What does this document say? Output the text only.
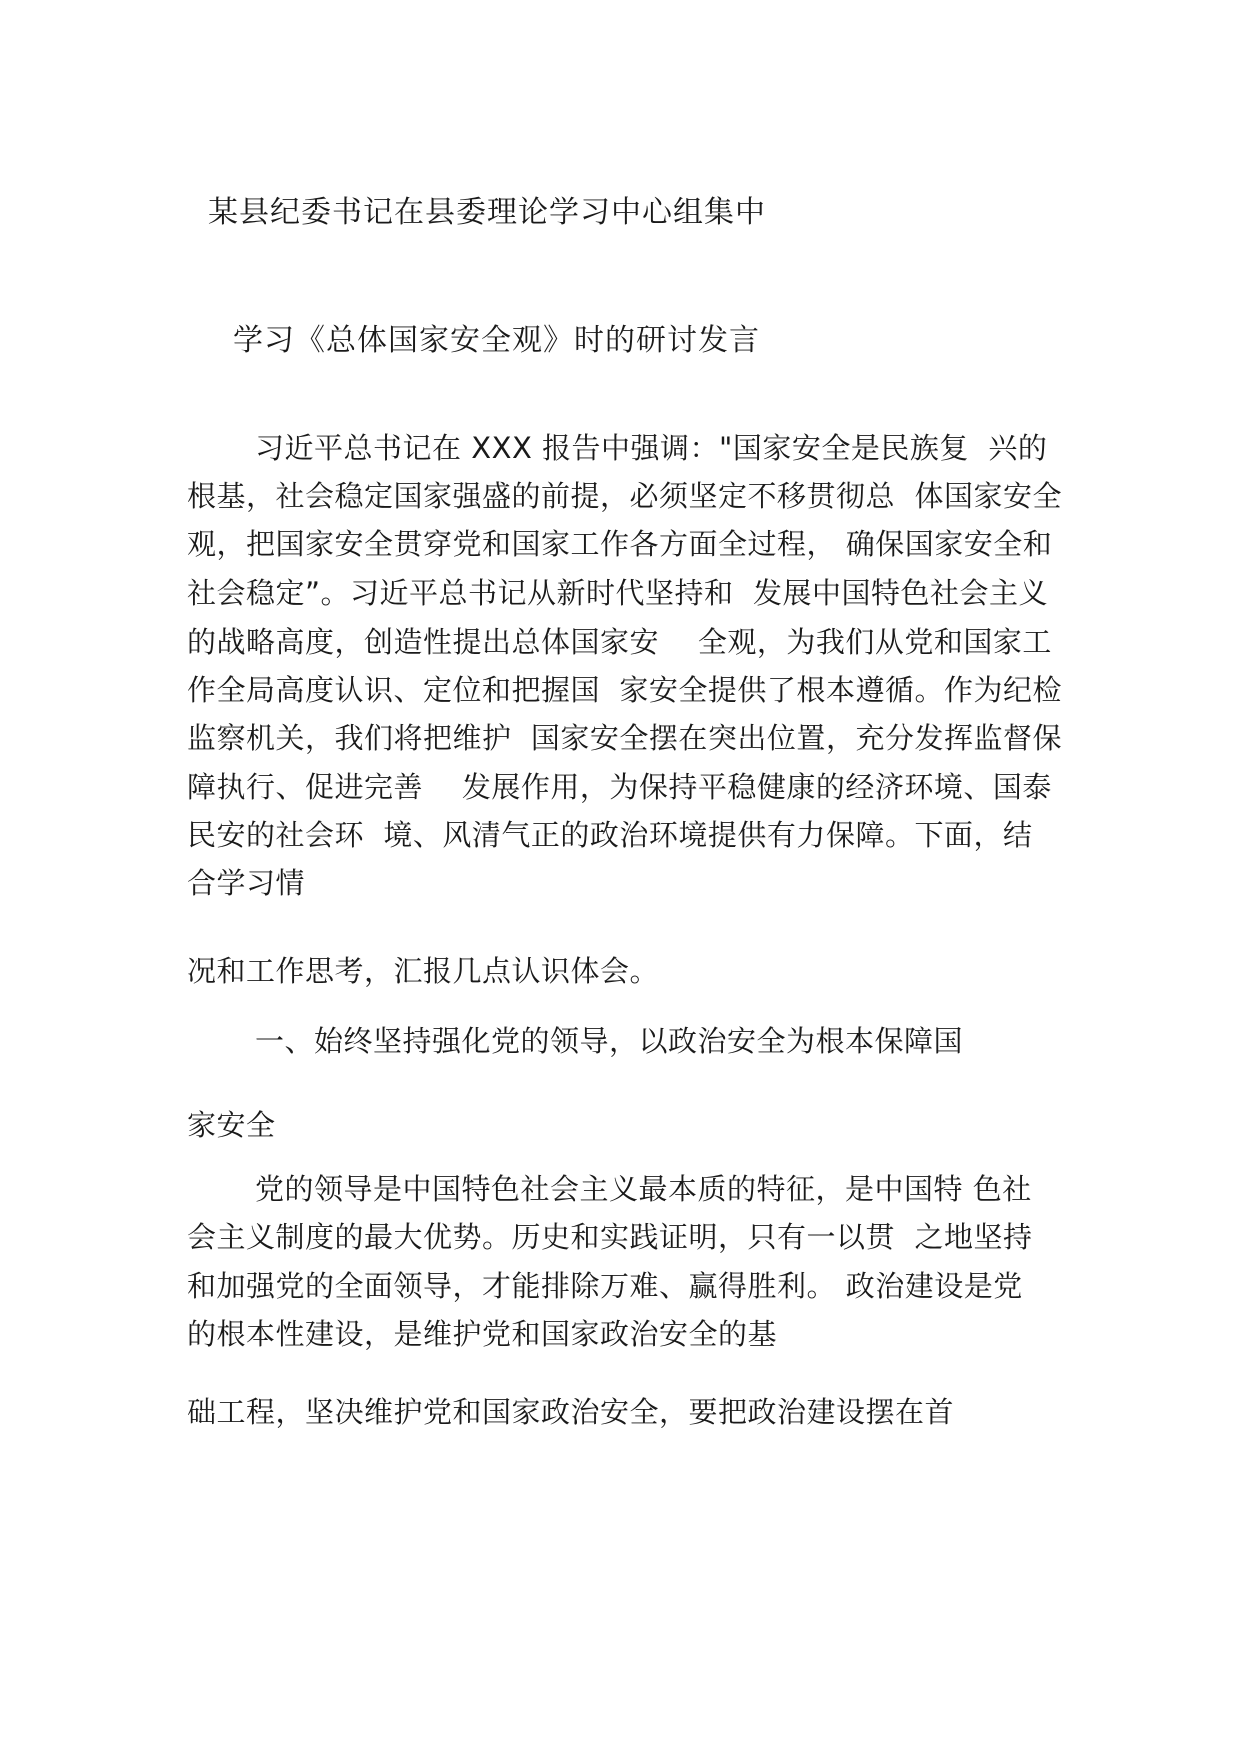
某县纪委书记在县委理论学习中心组集中
学习《总体国家安全观》时的研讨发言
习近平总书记在 XXX 报告中强调："国家安全是民族复  兴的
根基，社会稳定国家强盛的前提，必须坚定不移贯彻总  体国家安全
观，把国家安全贯穿党和国家工作各方面全过程， 确保国家安全和
社会稳定”。习近平总书记从新时代坚持和  发展中国特色社会主义
的战略高度，创造性提出总体国家安    全观，为我们从党和国家工
作全局高度认识、定位和把握国  家安全提供了根本遵循。作为纪检
监察机关，我们将把维护  国家安全摆在突出位置，充分发挥监督保
障执行、促进完善    发展作用，为保持平稳健康的经济环境、国泰
民安的社会环  境、风清气正的政治环境提供有力保障。下面，结
合学习情
况和工作思考，汇报几点认识体会。
一、始终坚持强化党的领导，以政治安全为根本保障国
家安全
党的领导是中国特色社会主义最本质的特征，是中国特 色社
会主义制度的最大优势。历史和实践证明，只有一以贯  之地坚持
和加强党的全面领导，才能排除万难、赢得胜利。 政治建设是党
的根本性建设，是维护党和国家政治安全的基
础工程，坚决维护党和国家政治安全，要把政治建设摆在首
